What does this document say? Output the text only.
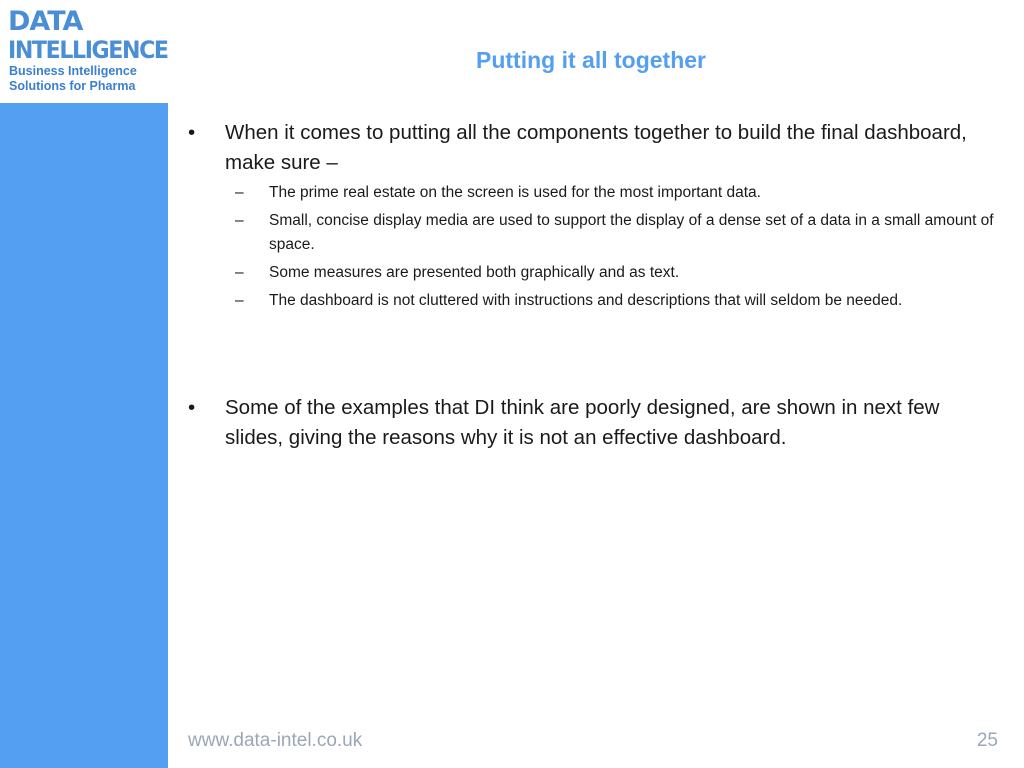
DATA
INTELLIGENCE
Business Intelligence
Solutions for Pharma
Putting it all together
• When it comes to putting all the components together to build the final dashboard, make sure –
– The prime real estate on the screen is used for the most important data.
– Small, concise display media are used to support the display of a dense set of a data in a small amount of space.
– Some measures are presented both graphically and as text.
– The dashboard is not cluttered with instructions and descriptions that will seldom be needed.
• Some of the examples that DI think are poorly designed, are shown in next few slides, giving the reasons why it is not an effective dashboard.
www.data-intel.co.uk	25
